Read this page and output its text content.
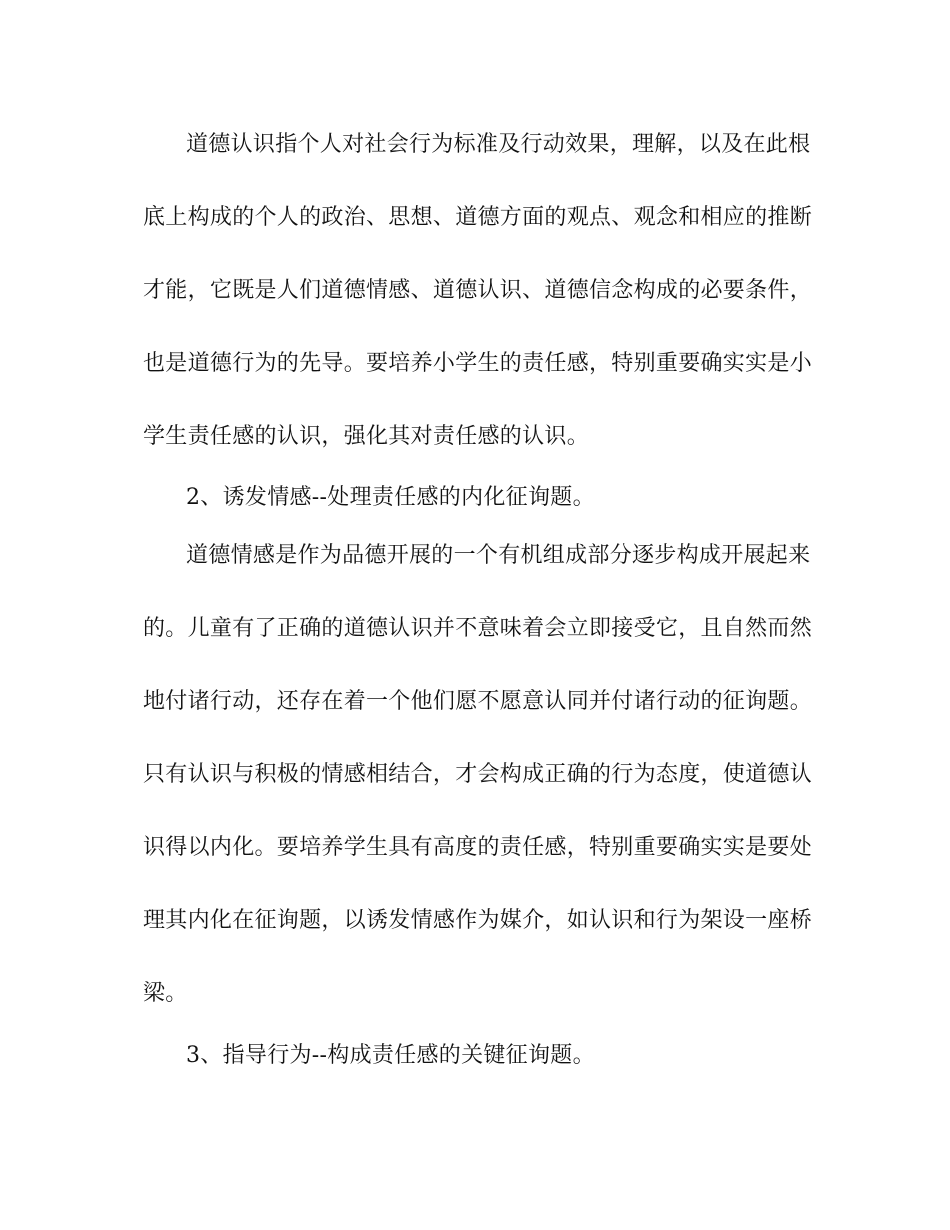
道德认识指个人对社会行为标准及行动效果，理解，以及在此根
底上构成的个人的政治、思想、道德方面的观点、观念和相应的推断
才能，它既是人们道德情感、道德认识、道德信念构成的必要条件，
也是道德行为的先导。要培养小学生的责任感，特别重要确实实是小
学生责任感的认识，强化其对责任感的认识。
2、诱发情感--处理责任感的内化征询题。
道德情感是作为品德开展的一个有机组成部分逐步构成开展起来
的。儿童有了正确的道德认识并不意味着会立即接受它，且自然而然
地付诸行动，还存在着一个他们愿不愿意认同并付诸行动的征询题。
只有认识与积极的情感相结合，才会构成正确的行为态度，使道德认
识得以内化。要培养学生具有高度的责任感，特别重要确实实是要处
理其内化在征询题，以诱发情感作为媒介，如认识和行为架设一座桥
梁。
3、指导行为--构成责任感的关键征询题。
